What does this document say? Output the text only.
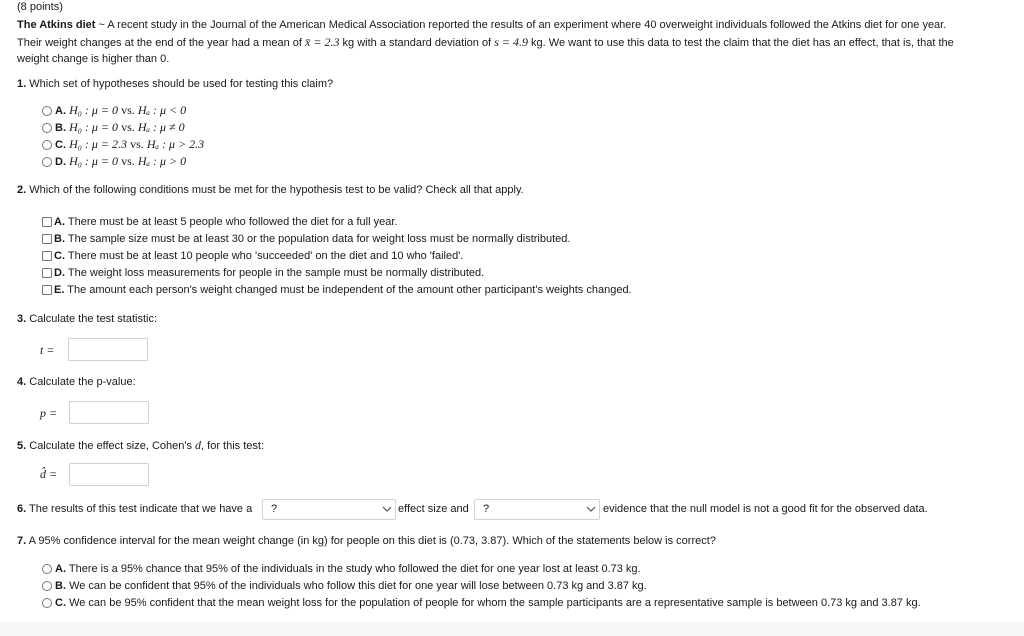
(8 points)
The Atkins diet ~ A recent study in the Journal of the American Medical Association reported the results of an experiment where 40 overweight individuals followed the Atkins diet for one year.
Their weight changes at the end of the year had a mean of x̄ = 2.3 kg with a standard deviation of s = 4.9 kg. We want to use this data to test the claim that the diet has an effect, that is, that the
weight change is higher than 0.
1. Which set of hypotheses should be used for testing this claim?
A. H₀ : μ = 0 vs. Hₐ : μ < 0
B. H₀ : μ = 0 vs. Hₐ : μ ≠ 0
C. H₀ : μ = 2.3 vs. Hₐ : μ > 2.3
D. H₀ : μ = 0 vs. Hₐ : μ > 0
2. Which of the following conditions must be met for the hypothesis test to be valid? Check all that apply.
A. There must be at least 5 people who followed the diet for a full year.
B. The sample size must be at least 30 or the population data for weight loss must be normally distributed.
C. There must be at least 10 people who 'succeeded' on the diet and 10 who 'failed'.
D. The weight loss measurements for people in the sample must be normally distributed.
E. The amount each person's weight changed must be independent of the amount other participant's weights changed.
3. Calculate the test statistic:
t =
4. Calculate the p-value:
p =
5. Calculate the effect size, Cohen's d, for this test:
d̂ =
6. The results of this test indicate that we have a	?	effect size and	?	evidence that the null model is not a good fit for the observed data.
7. A 95% confidence interval for the mean weight change (in kg) for people on this diet is (0.73, 3.87). Which of the statements below is correct?
A. There is a 95% chance that 95% of the individuals in the study who followed the diet for one year lost at least 0.73 kg.
B. We can be confident that 95% of the individuals who follow this diet for one year will lose between 0.73 kg and 3.87 kg.
C. We can be 95% confident that the mean weight loss for the population of people for whom the sample participants are a representative sample is between 0.73 kg and 3.87 kg.
